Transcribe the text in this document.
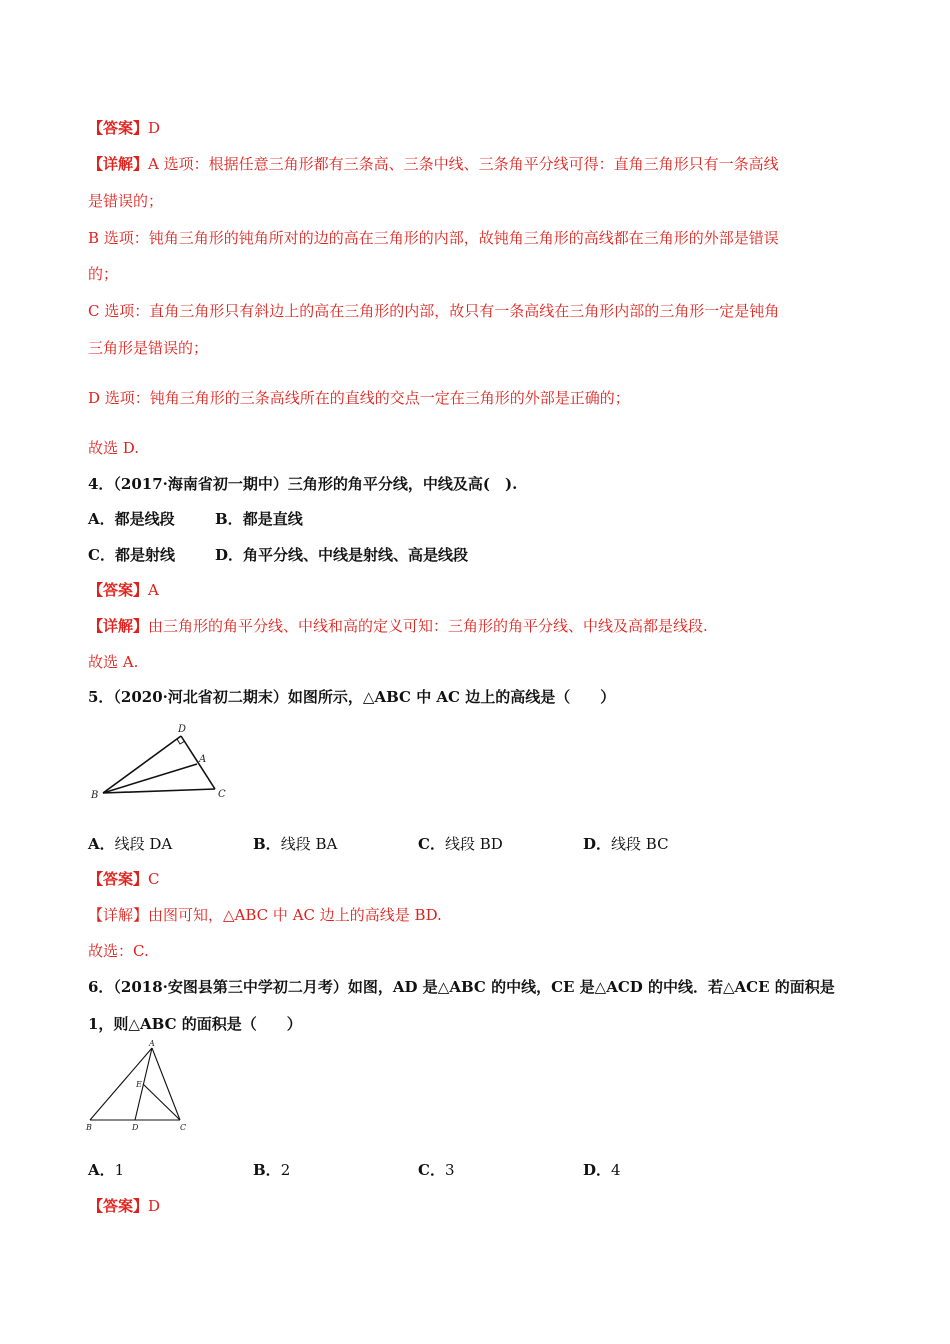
【答案】D
【详解】A 选项：根据任意三角形都有三条高、三条中线、三条角平分线可得：直角三角形只有一条高线
是错误的；
B 选项：钝角三角形的钝角所对的边的高在三角形的内部，故钝角三角形的高线都在三角形的外部是错误
的；
C 选项：直角三角形只有斜边上的高在三角形的内部，故只有一条高线在三角形内部的三角形一定是钝角
三角形是错误的；
D 选项：钝角三角形的三条高线所在的直线的交点一定在三角形的外部是正确的；
故选 D.
4．（2017·海南省初一期中）三角形的角平分线，中线及高(　).
A．都是线段	B．都是直线
C．都是射线	D．角平分线、中线是射线、高是线段
【答案】A
【详解】由三角形的角平分线、中线和高的定义可知：三角形的角平分线、中线及高都是线段.
故选 A.
5．（2020·河北省初二期末）如图所示，△ABC 中 AC 边上的高线是（　　）
B	C
D
A
A．线段 DA	B．线段 BA	C．线段 BD	D．线段 BC
【答案】C
【详解】由图可知，△ABC 中 AC 边上的高线是 BD.
故选：C.
6．（2018·安图县第三中学初二月考）如图，AD 是△ABC 的中线，CE 是△ACD 的中线．若△ACE 的面积是
1，则△ABC 的面积是（　　）
A
E
B	D	C
A．1	B．2	C．3	D．4
【答案】D
